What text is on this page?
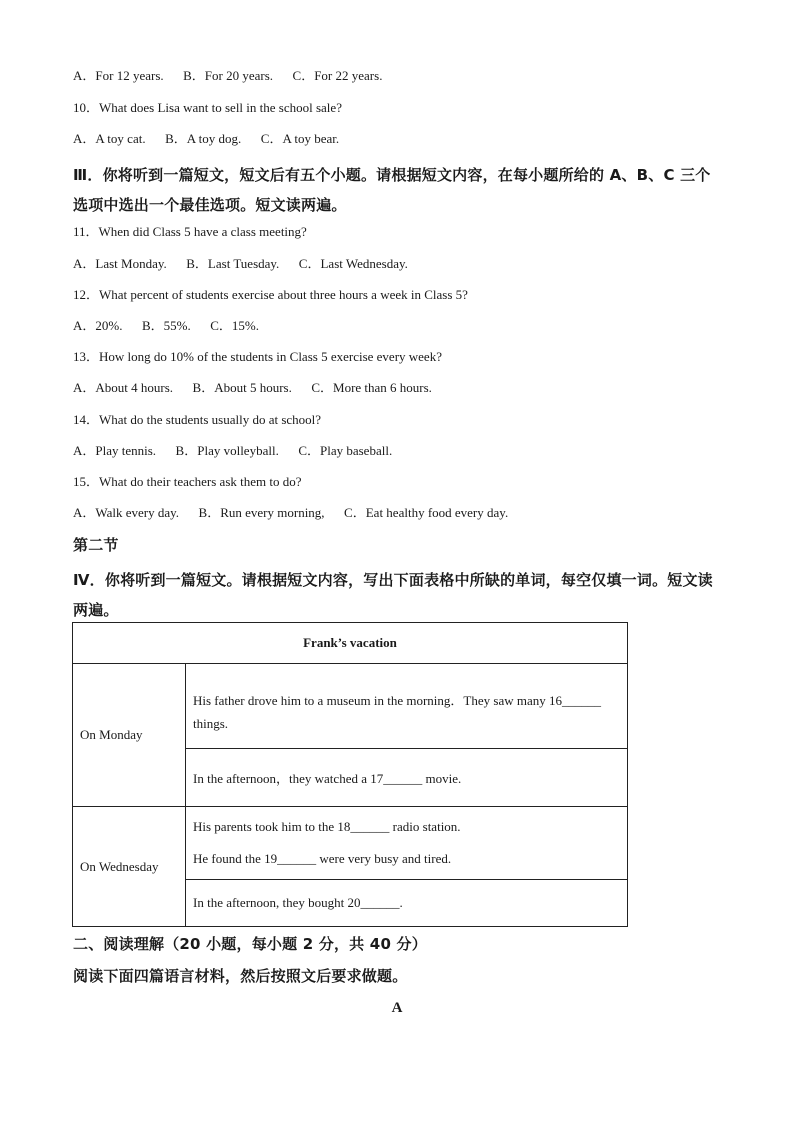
A．For 12 years.      B．For 20 years.      C．For 22 years.
10．What does Lisa want to sell in the school sale?
A．A toy cat.      B．A toy dog.      C．A toy bear.
Ⅲ．你将听到一篇短文，短文后有五个小题。请根据短文内容，在每小题所给的 A、B、C 三个选项中选出一个最佳选项。短文读两遍。
11．When did Class 5 have a class meeting?
A．Last Monday.      B．Last Tuesday.      C．Last Wednesday.
12．What percent of students exercise about three hours a week in Class 5?
A．20%.      B．55%.      C．15%.
13．How long do 10% of the students in Class 5 exercise every week?
A．About 4 hours.      B．About 5 hours.      C．More than 6 hours.
14．What do the students usually do at school?
A．Play tennis.      B．Play volleyball.      C．Play baseball.
15．What do their teachers ask them to do?
A．Walk every day.      B．Run every morning,      C．Eat healthy food every day.
第二节
Ⅳ．你将听到一篇短文。请根据短文内容，写出下面表格中所缺的单词，每空仅填一词。短文读两遍。
Frank’s vacation	
On Monday	His father drove him to a museum in the morning．They saw many 16______
things.

	In the afternoon，they watched a 17______ movie.
On Wednesday	His parents took him to the 18______ radio station.
He found the 19______ were very busy and tired.

	In the afternoon, they bought 20______.
二、阅读理解（20 小题，每小题 2 分，共 40 分）
阅读下面四篇语言材料，然后按照文后要求做题。
A
